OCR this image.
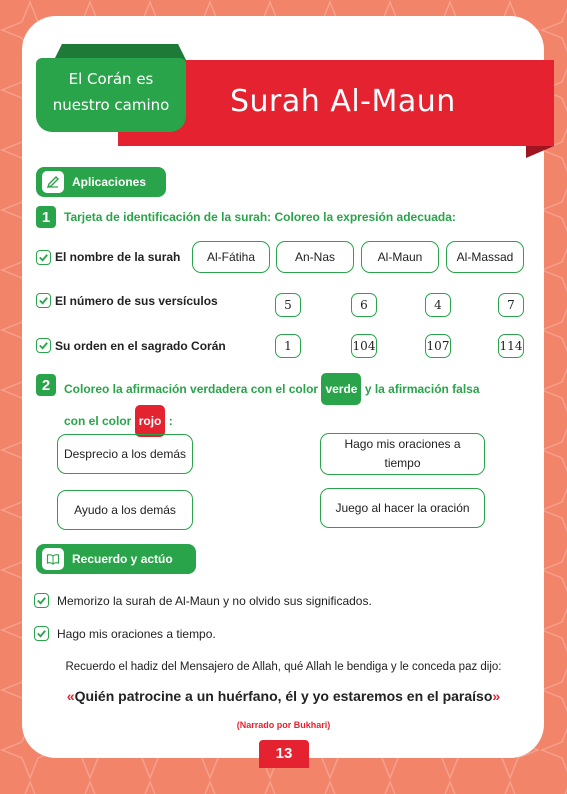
Surah Al-Maun
El Corán es
nuestro camino
Aplicaciones
1	Tarjeta de identificación de la surah: Coloreo la expresión adecuada:
El nombre de la surah	Al-Fátiha	An-Nas	Al-Maun	Al-Massad
El número de sus versículos	5	6	4	7
Su orden en el sagrado Corán	1	104	107	114
2	Coloreo la afirmación verdadera con el color verde y la afirmación falsa
con el color rojo :
Desprecio a los demás
Hago mis oraciones a tiempo
Ayudo a los demás	Juego al hacer la oración
Recuerdo y actúo
Memorizo la surah de Al-Maun y no olvido sus significados.
Hago mis oraciones a tiempo.
Recuerdo el hadiz del Mensajero de Allah, qué Allah le bendiga y le conceda paz dijo:
«Quién patrocine a un huérfano, él y yo estaremos en el paraíso»
(Narrado por Bukhari)
13
